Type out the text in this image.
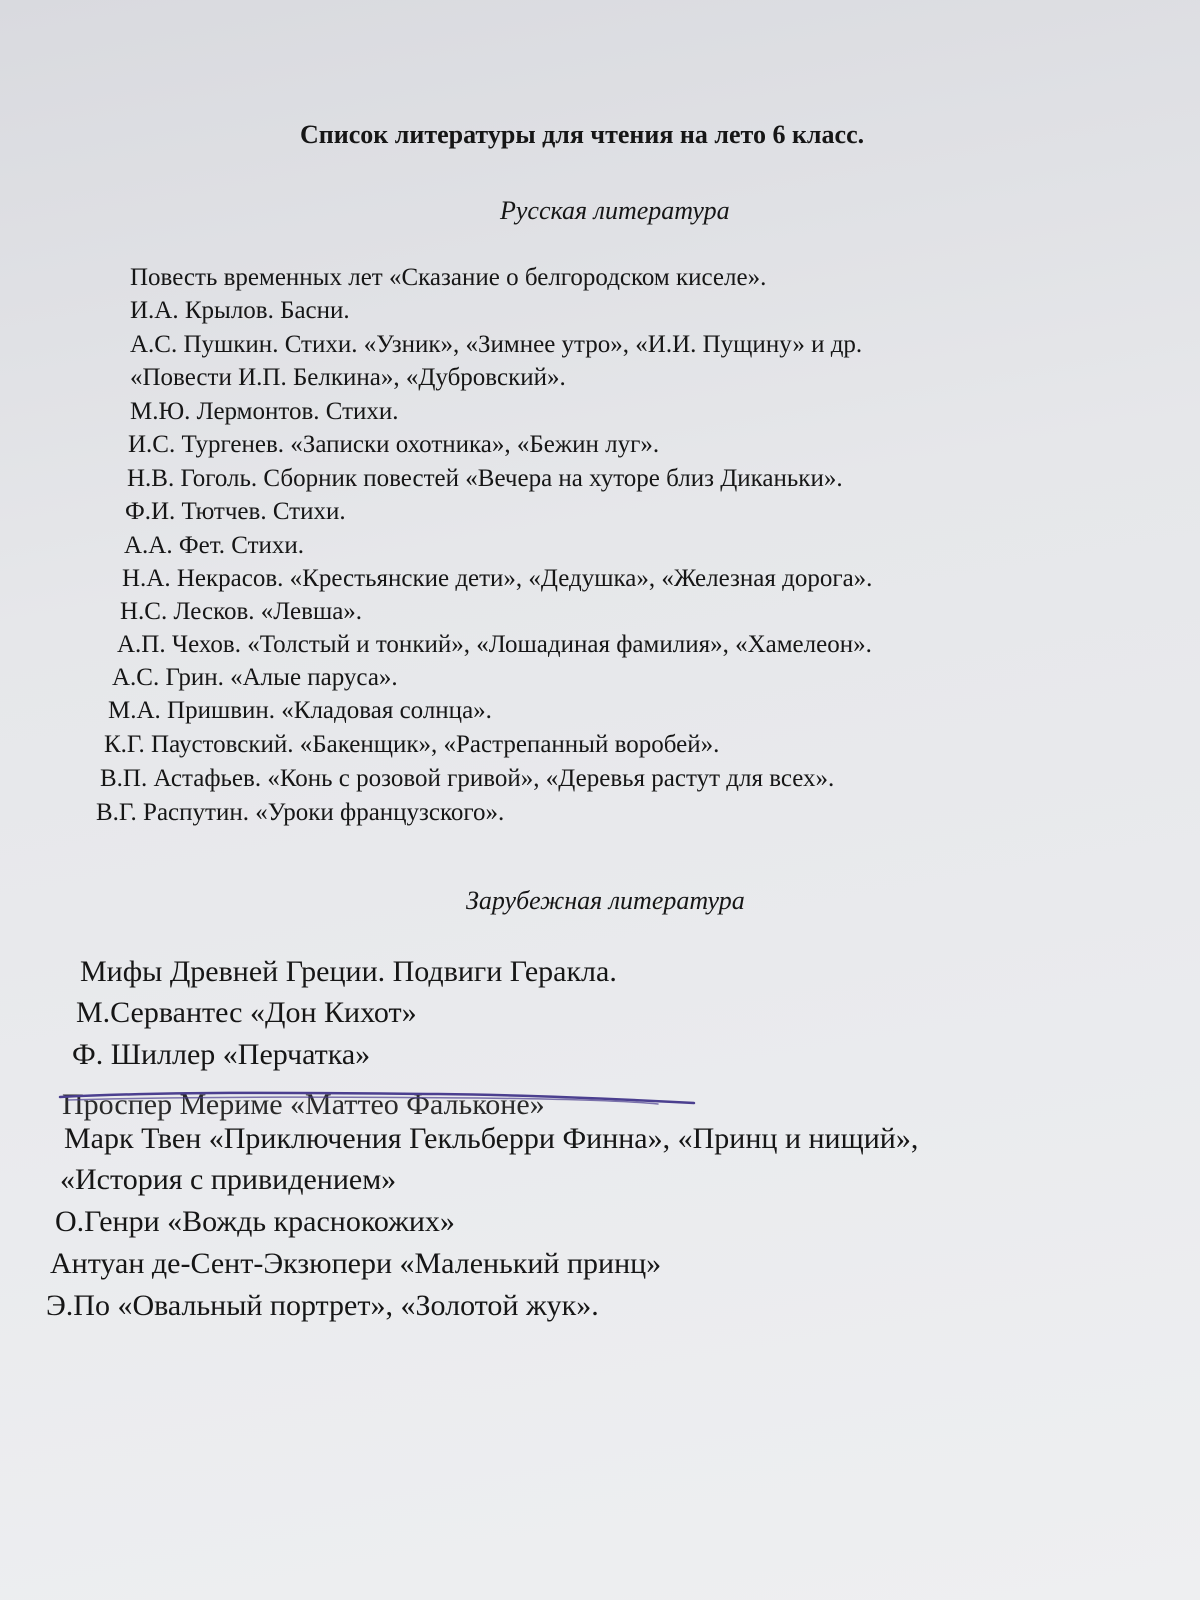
Список литературы для чтения на лето 6 класс.
Русская литература
Повесть временных лет «Сказание о белгородском киселе».
И.А. Крылов. Басни.
А.С. Пушкин. Стихи. «Узник», «Зимнее утро», «И.И. Пущину» и др.
«Повести И.П. Белкина», «Дубровский».
М.Ю. Лермонтов. Стихи.
И.С. Тургенев. «Записки охотника», «Бежин луг».
Н.В. Гоголь. Сборник повестей «Вечера на хуторе близ Диканьки».
Ф.И. Тютчев. Стихи.
А.А. Фет. Стихи.
Н.А. Некрасов. «Крестьянские дети», «Дедушка», «Железная дорога».
Н.С. Лесков. «Левша».
А.П. Чехов. «Толстый и тонкий», «Лошадиная фамилия», «Хамелеон».
А.С. Грин. «Алые паруса».
М.А. Пришвин. «Кладовая солнца».
К.Г. Паустовский. «Бакенщик», «Растрепанный воробей».
В.П. Астафьев. «Конь с розовой гривой», «Деревья растут для всех».
В.Г. Распутин. «Уроки французского».
Зарубежная литература
Мифы Древней Греции. Подвиги Геракла.
М.Сервантес «Дон Кихот»
Ф. Шиллер «Перчатка»
Проспер Мериме «Маттео Фальконе»
Марк Твен «Приключения Гекльберри Финна», «Принц и нищий»,
«История с привидением»
О.Генри «Вождь краснокожих»
Антуан де-Сент-Экзюпери «Маленький принц»
Э.По «Овальный портрет», «Золотой жук».
